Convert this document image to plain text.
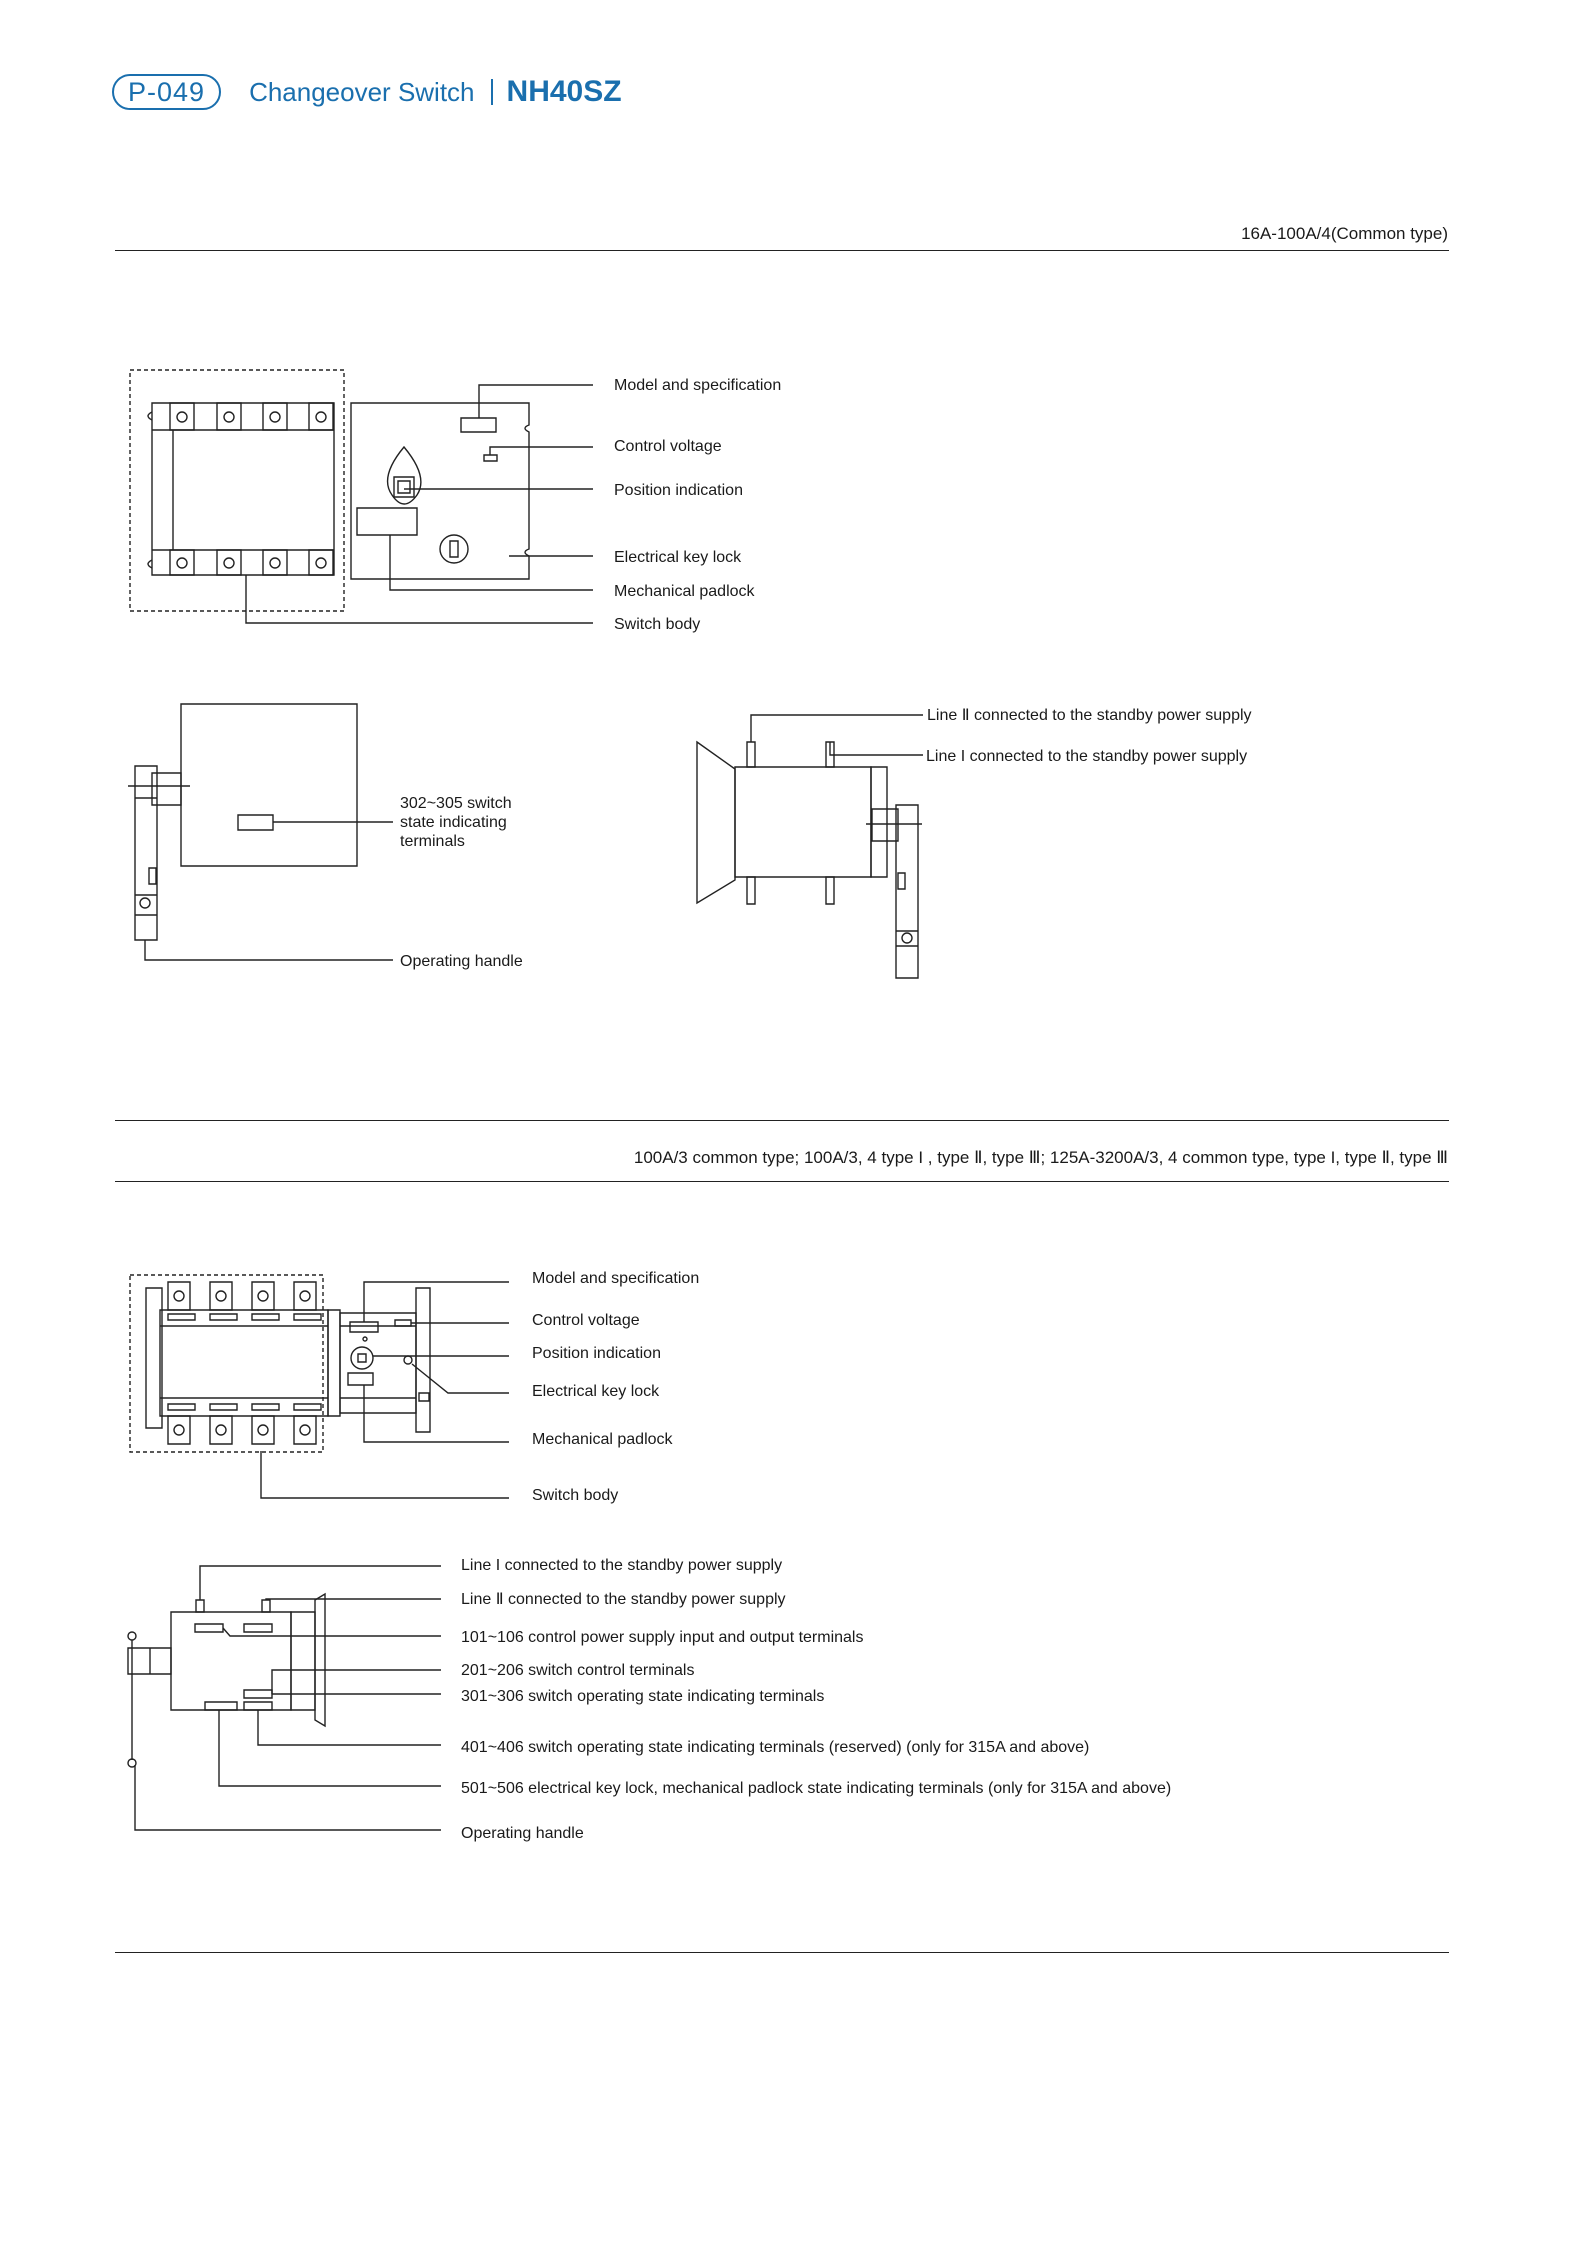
P-049	Changeover Switch NH40SZ
16A-100A/4(Common type)
Model and specification
Control voltage
Position indication
Electrical key lock
Mechanical padlock
Switch body
302~305 switch
state indicating
terminals
Operating handle
Line Ⅱ connected to the standby power supply
Line I connected to the standby power supply
100A/3 common type; 100A/3, 4 type I , type Ⅱ, type Ⅲ; 125A-3200A/3, 4 common type, type I, type Ⅱ, type Ⅲ
Model and specification
Control voltage
Position indication
Electrical key lock
Mechanical padlock
Switch body
Line I connected to the standby power supply
Line Ⅱ connected to the standby power supply
101~106 control power supply input and output terminals
201~206 switch control terminals
301~306 switch operating state indicating terminals
401~406 switch operating state indicating terminals (reserved) (only for 315A and above)
501~506 electrical key lock, mechanical padlock state indicating terminals (only for 315A and above)
Operating handle
